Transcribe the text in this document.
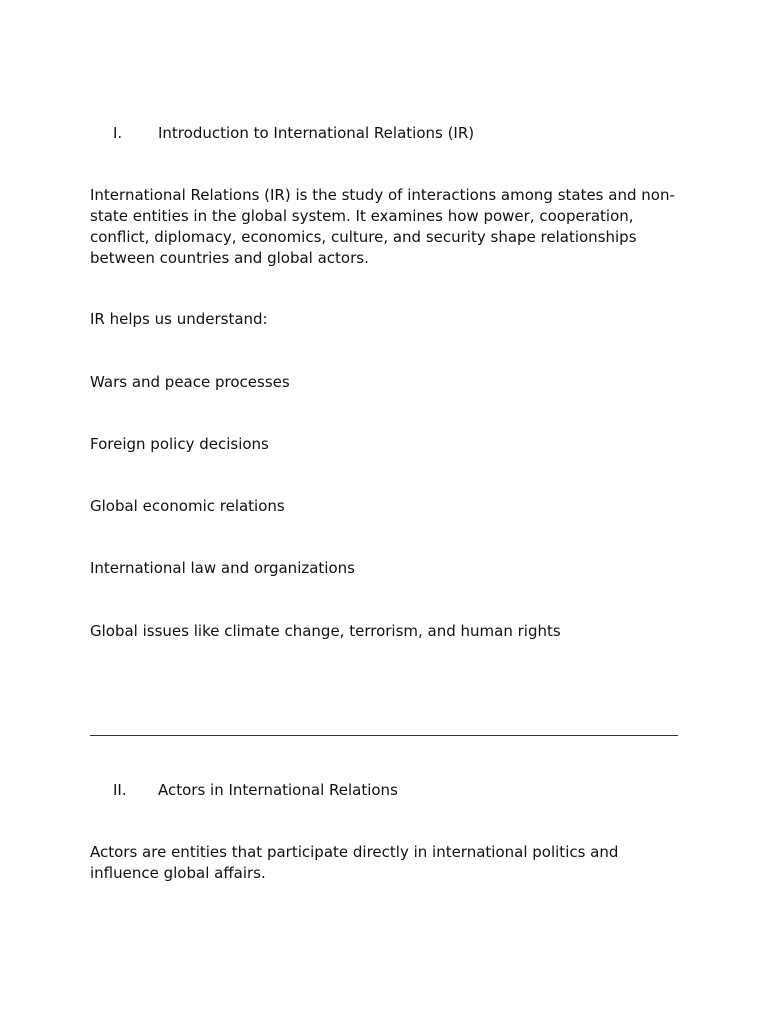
I. Introduction to International Relations (IR)
International Relations (IR) is the study of interactions among states and non-
state entities in the global system. It examines how power, cooperation,
conflict, diplomacy, economics, culture, and security shape relationships
between countries and global actors.
IR helps us understand:
Wars and peace processes
Foreign policy decisions
Global economic relations
International law and organizations
Global issues like climate change, terrorism, and human rights
II. Actors in International Relations
Actors are entities that participate directly in international politics and
influence global affairs.
